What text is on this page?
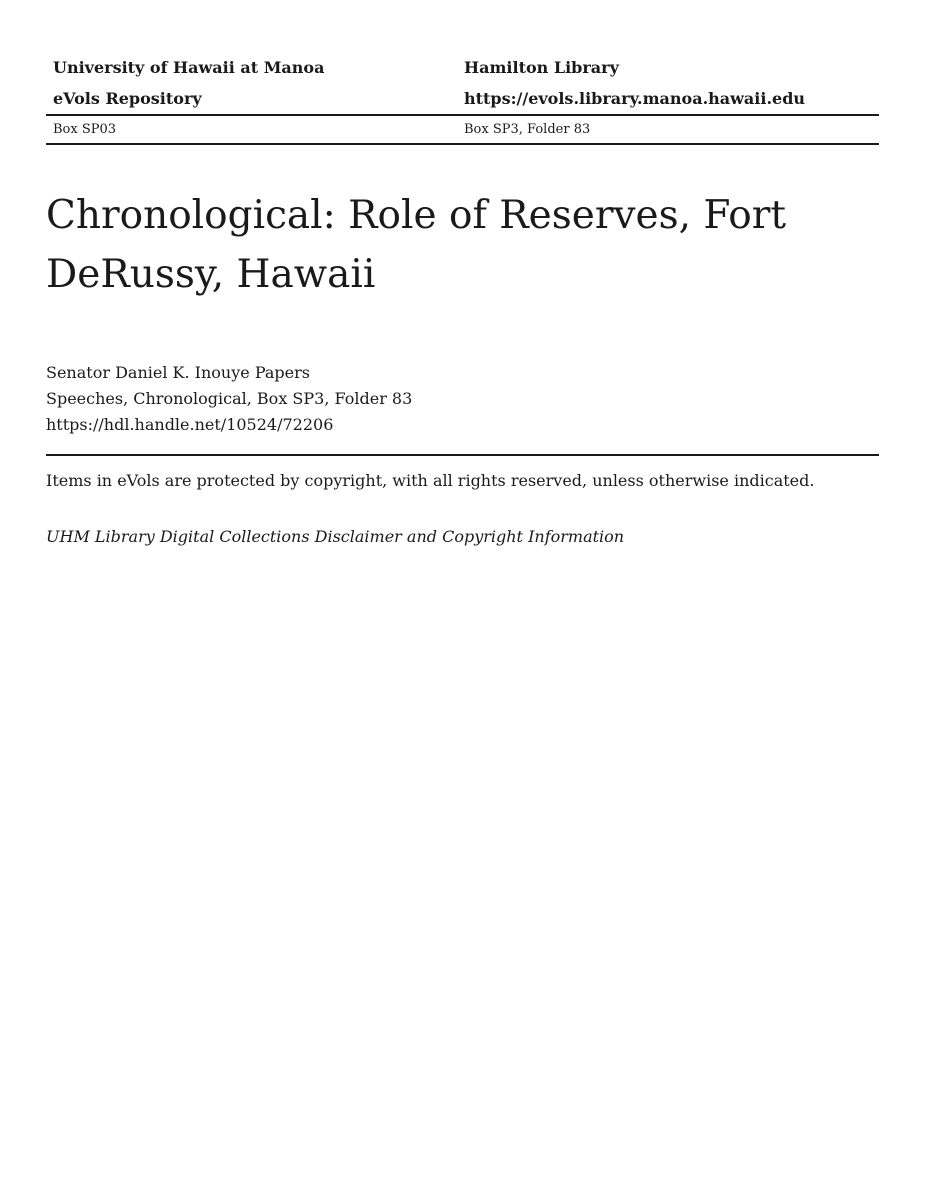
University of Hawaii at Manoa	Hamilton Library
eVols Repository	https://evols.library.manoa.hawaii.edu
Box SP03	Box SP3, Folder 83
Chronological: Role of Reserves, Fort DeRussy, Hawaii
Senator Daniel K. Inouye Papers
Speeches, Chronological, Box SP3, Folder 83
https://hdl.handle.net/10524/72206
Items in eVols are protected by copyright, with all rights reserved, unless otherwise indicated.
UHM Library Digital Collections Disclaimer and Copyright Information
